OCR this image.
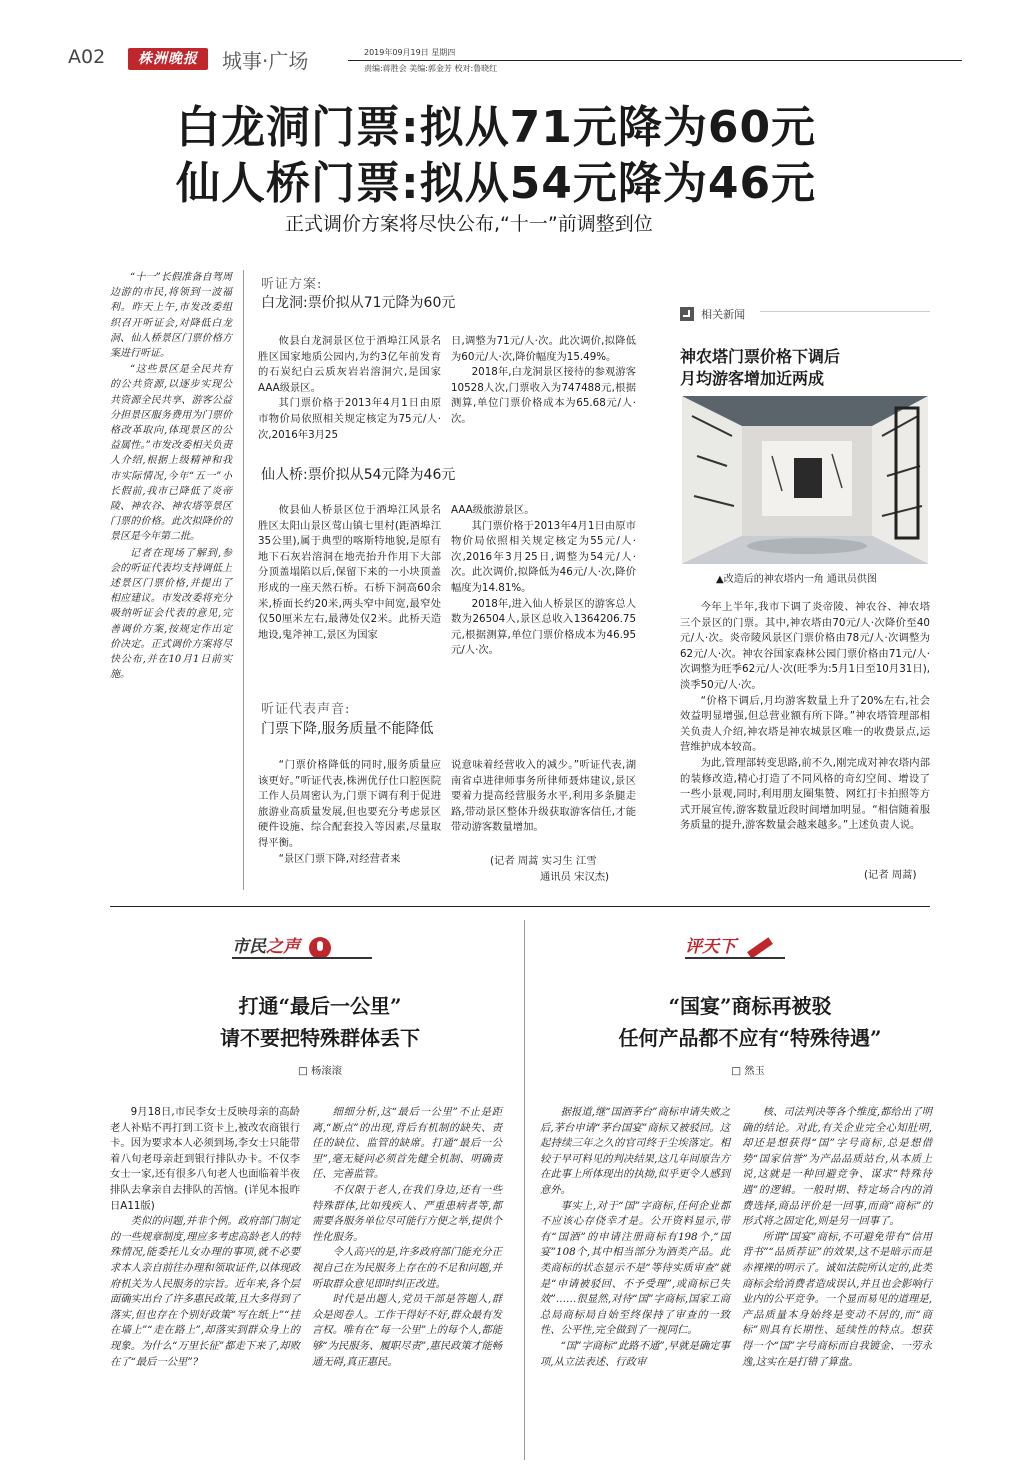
A02	株洲晚报	城事·广场	2019年09月19日 星期四
责编:蒋胜会 美编:郭金芳 校对:鲁晓红
白龙洞门票:拟从71元降为60元
仙人桥门票:拟从54元降为46元
正式调价方案将尽快公布,“十一”前调整到位

“十一”长假准备自驾周边游的市民,将领到一波福利。昨天上午,市发改委组织召开听证会,对降低白龙洞、仙人桥景区门票价格方案进行听证。

“这些景区是全民共有的公共资源,以逐步实现公共资源全民共享、游客公益分担景区服务费用为门票价格改革取向,体现景区的公益属性。”市发改委相关负责人介绍,根据上级精神和我市实际情况,今年“五一”小长假前,我市已降低了炎帝陵、神农谷、神农塔等景区门票的价格。此次拟降价的景区是今年第二批。

记者在现场了解到,参会的听证代表均支持调低上述景区门票价格,并提出了相应建议。市发改委将充分吸纳听证会代表的意见,完善调价方案,按规定作出定价决定。正式调价方案将尽快公布,并在10月1日前实施。

听证方案:
白龙洞:票价拟从71元降为60元

攸县白龙洞景区位于酒埠江风景名胜区国家地质公园内,为约3亿年前发育的石炭纪白云质灰岩岩溶洞穴,是国家AAA级景区。

其门票价格于2013年4月1日由原市物价局依照相关规定核定为75元/人·次,2016年3月25

日,调整为71元/人·次。此次调价,拟降低为60元/人·次,降价幅度为15.49%。

2018年,白龙洞景区接待的参观游客10528人次,门票收入为747488元,根据测算,单位门票价格成本为65.68元/人·次。

仙人桥:票价拟从54元降为46元

攸县仙人桥景区位于酒埠江风景名胜区太阳山景区莺山镇七里村(距酒埠江35公里),属于典型的喀斯特地貌,是原有地下石灰岩溶洞在地壳抬升作用下大部分顶盖塌陷以后,保留下来的一小块顶盖形成的一座天然石桥。石桥下洞高60余米,桥面长约20米,两头窄中间宽,最窄处仅50厘米左右,最薄处仅2米。此桥天造地设,鬼斧神工,景区为国家

AAA级旅游景区。

其门票价格于2013年4月1日由原市物价局依照相关规定核定为55元/人·次,2016年3月25日,调整为54元/人·次。此次调价,拟降低为46元/人·次,降价幅度为14.81%。

2018年,进入仙人桥景区的游客总人数为26504人,景区总收入1364206.75元,根据测算,单位门票价格成本为46.95元/人·次。

听证代表声音:
门票下降,服务质量不能降低

“门票价格降低的同时,服务质量应该更好。”听证代表,株洲优仔仕口腔医院工作人员周密认为,门票下调有利于促进旅游业高质量发展,但也要充分考虑景区硬件设施、综合配套投入等因素,尽量取得平衡。

“景区门票下降,对经营者来

说意味着经营收入的减少。”听证代表,湖南省卓进律师事务所律师聂炜建议,景区要着力提高经营服务水平,利用多条腿走路,带动景区整体升级获取游客信任,才能带动游客数量增加。

(记者 周蒿 实习生 江雪
通讯员 宋汉杰)
相关新闻
神农塔门票价格下调后
月均游客增加近两成
▲改造后的神农塔内一角 通讯员供图

今年上半年,我市下调了炎帝陵、神农谷、神农塔三个景区的门票。其中,神农塔由70元/人·次降价至40元/人·次。炎帝陵风景区门票价格由78元/人·次调整为62元/人·次。神农谷国家森林公园门票价格由71元/人·次调整为旺季62元/人·次(旺季为:5月1日至10月31日),淡季50元/人·次。

“价格下调后,月均游客数量上升了20%左右,社会效益明显增强,但总营业额有所下降。”神农塔管理部相关负责人介绍,神农塔是神农城景区唯一的收费景点,运营维护成本较高。

为此,管理部转变思路,前不久,刚完成对神农塔内部的装修改造,精心打造了不同风格的奇幻空间、增设了一些小景观,同时,利用朋友圈集赞、网红打卡拍照等方式开展宣传,游客数量近段时间增加明显。“相信随着服务质量的提升,游客数量会越来越多。”上述负责人说。

(记者 周蒿)
市民之声
打通“最后一公里”
请不要把特殊群体丢下
□ 杨滚滚

9月18日,市民李女士反映母亲的高龄老人补贴不再打到工资卡上,被改农商银行卡。因为要求本人必须到场,李女士只能带着八旬老母亲赶到银行排队办卡。不仅李女士一家,还有很多八旬老人也面临着半夜排队去拿亲自去排队的苦恼。(详见本报昨日A11版)

类似的问题,并非个例。政府部门制定的一些规章制度,理应多考虑高龄老人的特殊情况,能委托儿女办理的事项,就不必要求本人亲自前往办理和领取证件,以体现政府机关为人民服务的宗旨。近年来,各个层面确实出台了许多惠民政策,且大多得到了落实,但也存在个别好政策“写在纸上”“挂在墙上”“走在路上”,却落实到群众身上的现象。为什么“万里长征”都走下来了,却败在了“最后一公里”?

细细分析,这“最后一公里”不止是距离,“断点”的出现,背后有机制的缺失、责任的缺位、监管的缺席。打通“最后一公里”,毫无疑问必须首先健全机制、明确责任、完善监管。

不仅限于老人,在我们身边,还有一些特殊群体,比如残疾人、严重患病者等,都需要各服务单位尽可能行方便之举,提供个性化服务。

令人高兴的是,许多政府部门能充分正视自己在为民服务上存在的不足和问题,并听取群众意见即时纠正改进。

时代是出题人,党员干部是答题人,群众是阅卷人。工作干得好不好,群众最有发言权。唯有在“每一公里”上的每个人,都能够“为民服务、履职尽责”,惠民政策才能畅通无碍,真正惠民。

评天下
“国宴”商标再被驳
任何产品都不应有“特殊待遇”
□ 然玉

据报道,继“国酒茅台”商标申请失败之后,茅台申请“茅台国宴”商标又被驳回。这起持续三年之久的官司终于尘埃落定。相较于早可料见的判决结果,这几年间原告方在此事上所体现出的执拗,似乎更令人感到意外。

事实上,对于“国”字商标,任何企业都不应该心存侥幸才是。公开资料显示,带有“国酒”的申请注册商标有198个,“国宴”108个,其中相当部分为酒类产品。此类商标的状态显示不是“等待实质审查”就是“申请被驳回、不予受理”,或商标已失效”……很显然,对待“国”字商标,国家工商总局商标局自始至终保持了审查的一致性、公平性,完全做到了一视同仁。

“国”字商标“此路不通”,早就是确定事项,从立法表述、行政审

核、司法判决等各个维度,都给出了明确的结论。对此,有关企业完全心知肚明,却还是想获得“国”字号商标,总是想借势“国家信誉”为产品品质站台,从本质上说,这就是一种回避竞争、谋求“特殊待遇”的逻辑。一般时期、特定场合内的消费选择,商品评价是一回事,而商“商标”的形式将之固定化,则是另一回事了。

所谓“国宴”商标,不可避免带有“信用背书”“品质荐证”的效果,这不是暗示而是赤裸裸的明示了。诚如法院所认定的,此类商标会给消费者造成误认,并且也会影响行业内的公平竞争。一个显而易见的道理是,产品质量本身始终是变动不居的,而“商标”则具有长期性、延续性的特点。想获得一个“国”字号商标而自我镀金、一劳永逸,这实在是打错了算盘。
